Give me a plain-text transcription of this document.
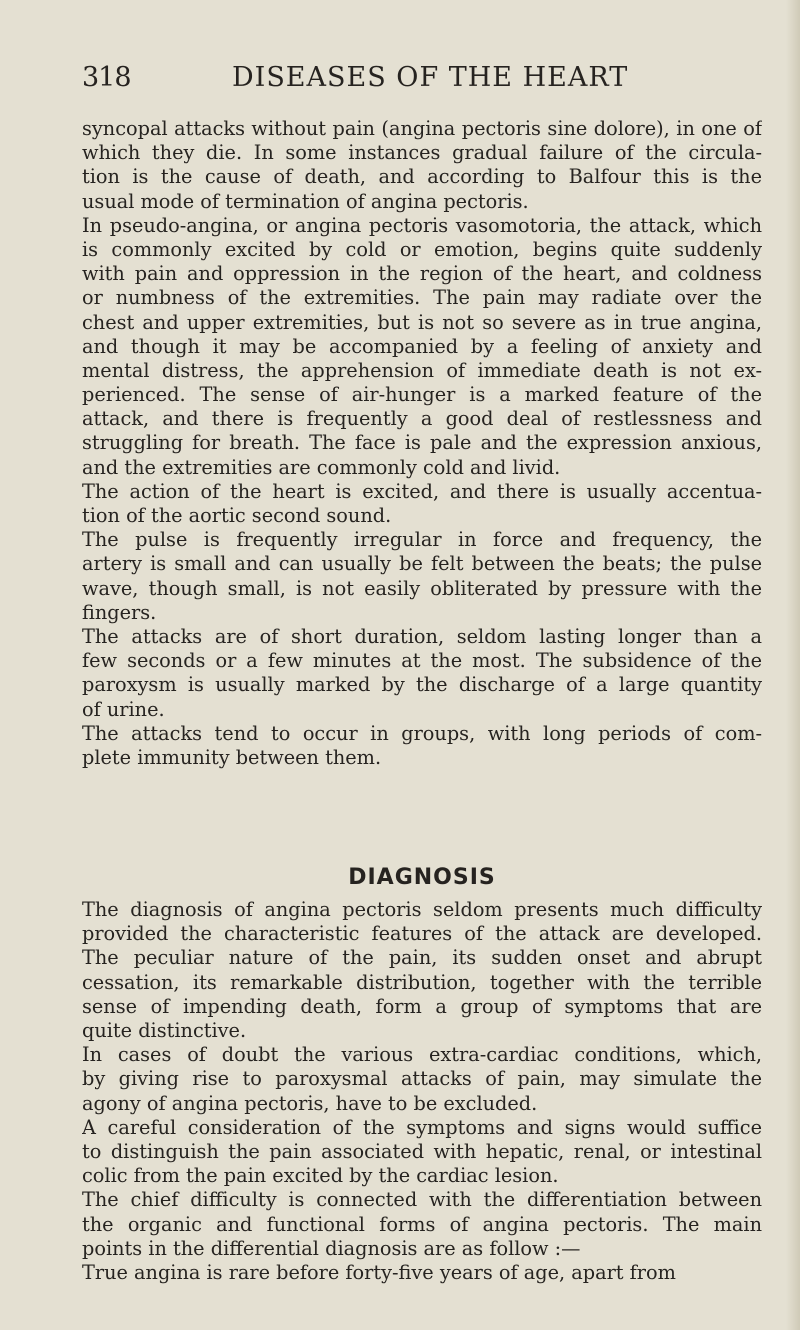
318	DISEASES OF THE HEART

syncopal attacks without pain (angina pectoris sine dolore), in one of

which they die. In some instances gradual failure of the circula-

tion is the cause of death, and according to Balfour this is the

usual mode of termination of angina pectoris.

In pseudo-angina, or angina pectoris vasomotoria, the attack, which

is commonly excited by cold or emotion, begins quite suddenly

with pain and oppression in the region of the heart, and coldness

or numbness of the extremities. The pain may radiate over the

chest and upper extremities, but is not so severe as in true angina,

and though it may be accompanied by a feeling of anxiety and

mental distress, the apprehension of immediate death is not ex-

perienced. The sense of air-hunger is a marked feature of the

attack, and there is frequently a good deal of restlessness and

struggling for breath. The face is pale and the expression anxious,

and the extremities are commonly cold and livid.

The action of the heart is excited, and there is usually accentua-

tion of the aortic second sound.

The pulse is frequently irregular in force and frequency, the

artery is small and can usually be felt between the beats; the pulse

wave, though small, is not easily obliterated by pressure with the

fingers.

The attacks are of short duration, seldom lasting longer than a

few seconds or a few minutes at the most. The subsidence of the

paroxysm is usually marked by the discharge of a large quantity

of urine.

The attacks tend to occur in groups, with long periods of com-

plete immunity between them.

DIAGNOSIS

The diagnosis of angina pectoris seldom presents much difficulty

provided the characteristic features of the attack are developed.

The peculiar nature of the pain, its sudden onset and abrupt

cessation, its remarkable distribution, together with the terrible

sense of impending death, form a group of symptoms that are

quite distinctive.

In cases of doubt the various extra-cardiac conditions, which,

by giving rise to paroxysmal attacks of pain, may simulate the

agony of angina pectoris, have to be excluded.

A careful consideration of the symptoms and signs would suffice

to distinguish the pain associated with hepatic, renal, or intestinal

colic from the pain excited by the cardiac lesion.

The chief difficulty is connected with the differentiation between

the organic and functional forms of angina pectoris. The main

points in the differential diagnosis are as follow :—

True angina is rare before forty-five years of age, apart from
